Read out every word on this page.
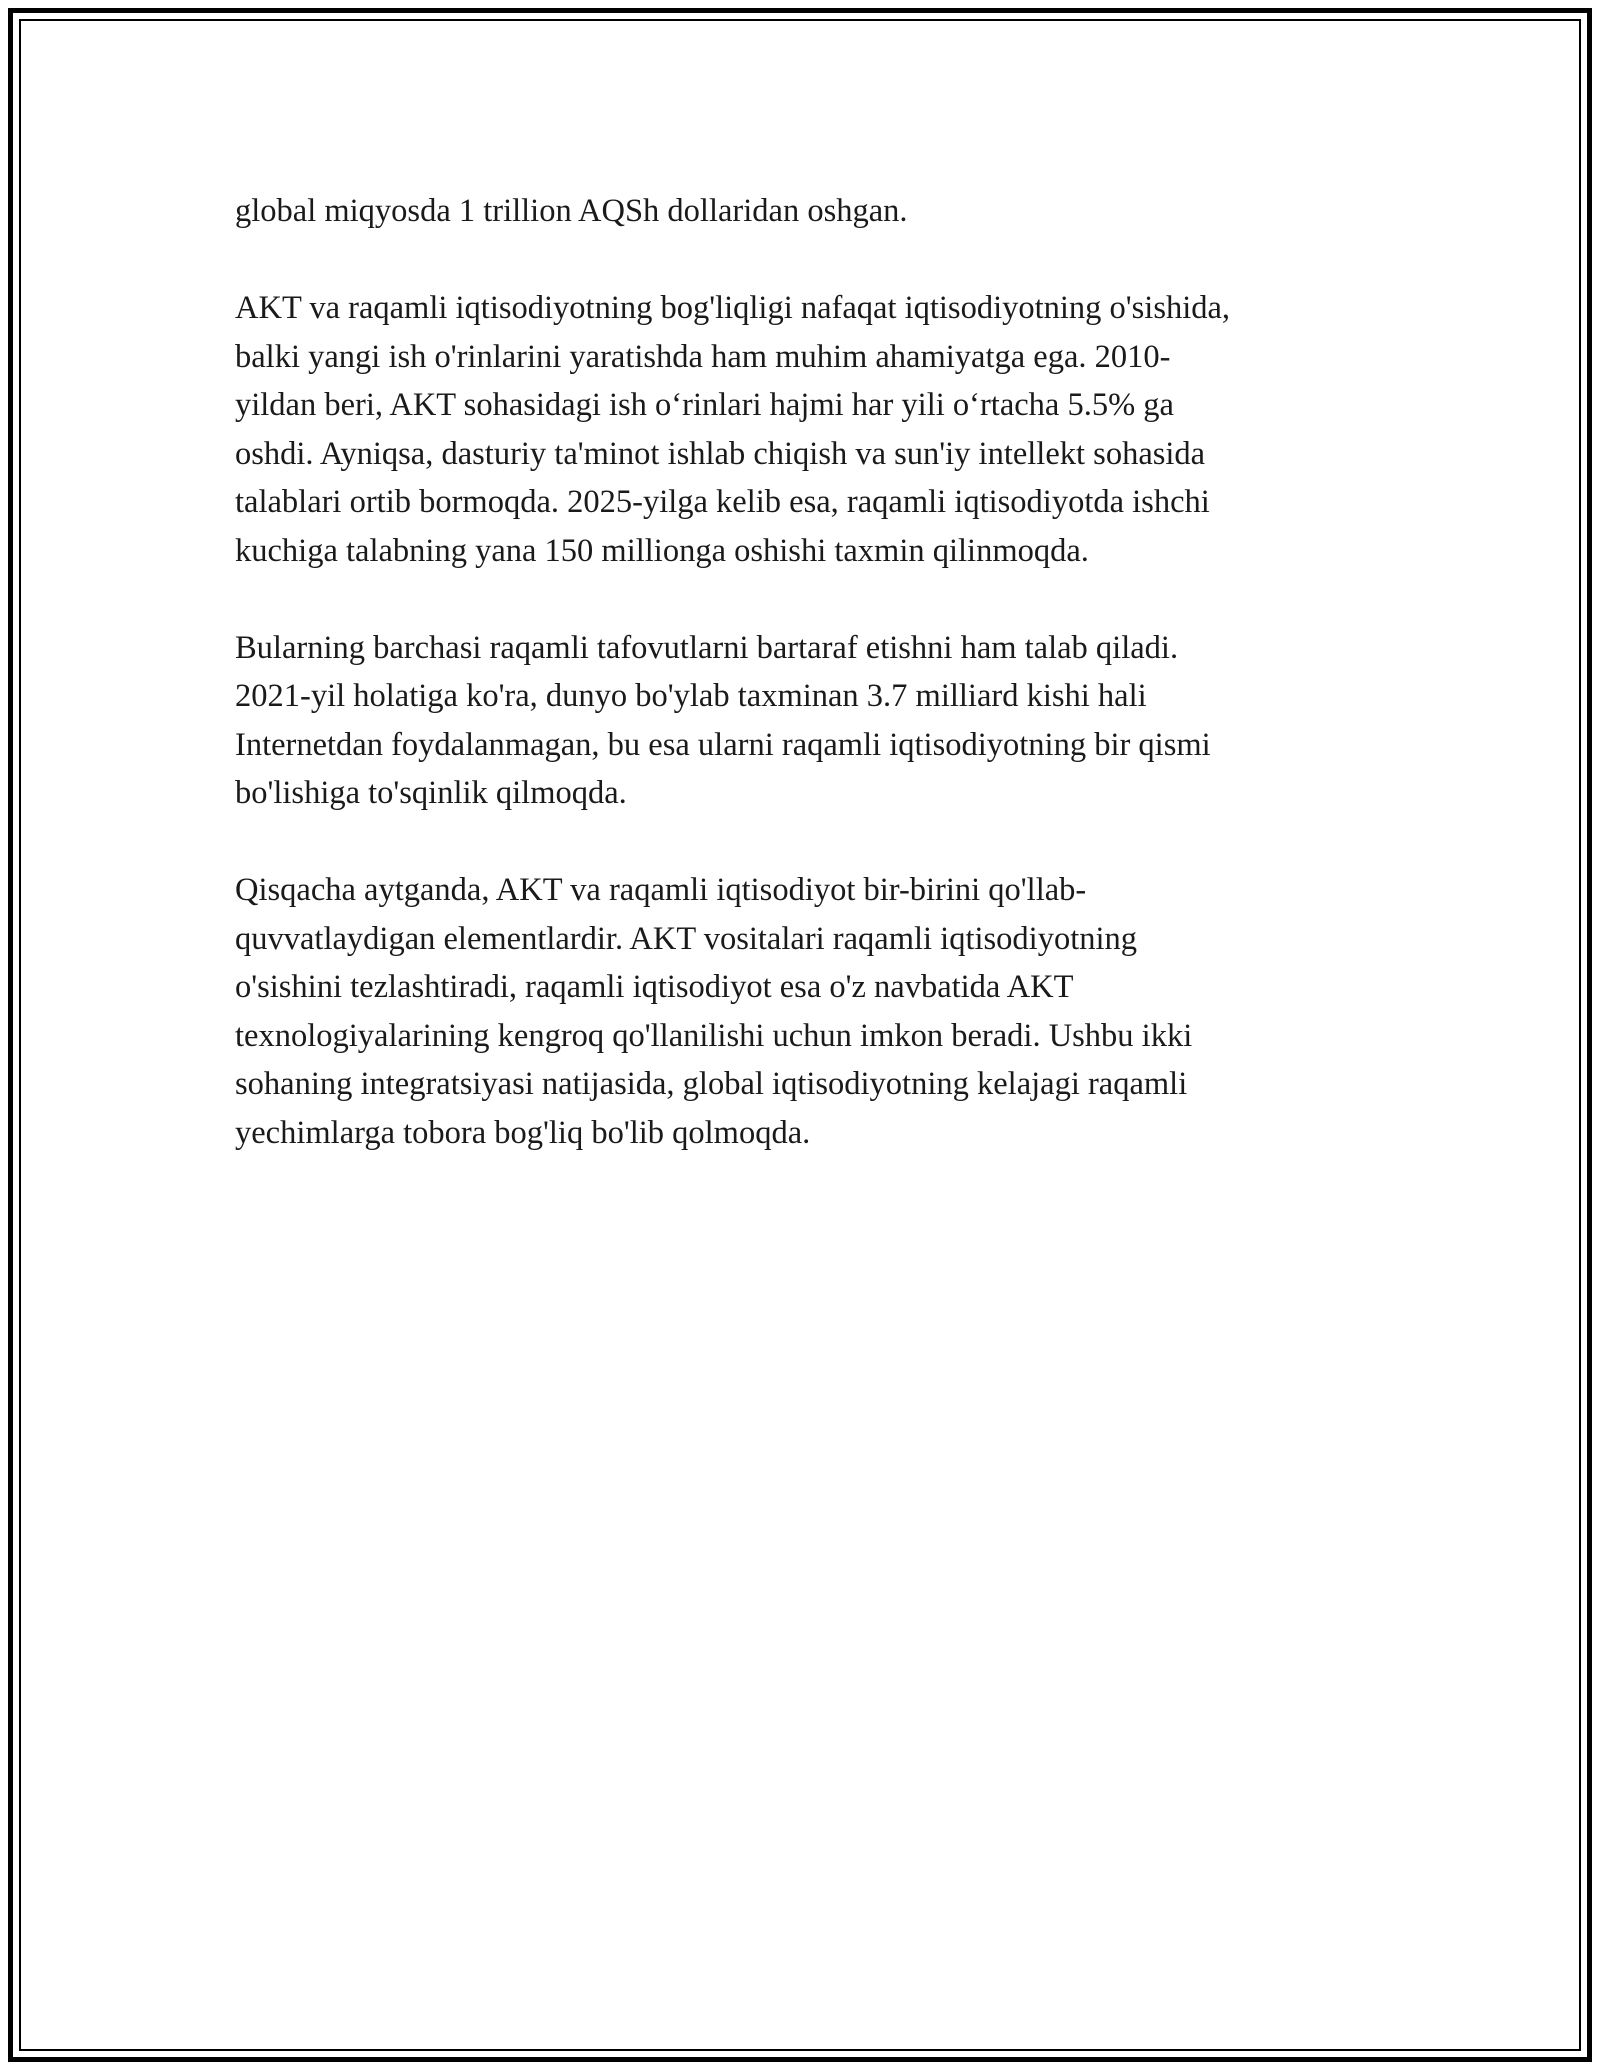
global miqyosda 1 trillion AQSh dollaridan oshgan.

AKT va raqamli iqtisodiyotning bog'liqligi nafaqat iqtisodiyotning o'sishida,
balki yangi ish o'rinlarini yaratishda ham muhim ahamiyatga ega. 2010-
yildan beri, AKT sohasidagi ish o‘rinlari hajmi har yili o‘rtacha 5.5% ga
oshdi. Ayniqsa, dasturiy ta'minot ishlab chiqish va sun'iy intellekt sohasida
talablari ortib bormoqda. 2025-yilga kelib esa, raqamli iqtisodiyotda ishchi
kuchiga talabning yana 150 millionga oshishi taxmin qilinmoqda.

Bularning barchasi raqamli tafovutlarni bartaraf etishni ham talab qiladi.
2021-yil holatiga ko'ra, dunyo bo'ylab taxminan 3.7 milliard kishi hali
Internetdan foydalanmagan, bu esa ularni raqamli iqtisodiyotning bir qismi
bo'lishiga to'sqinlik qilmoqda.

Qisqacha aytganda, AKT va raqamli iqtisodiyot bir-birini qo'llab-
quvvatlaydigan elementlardir. AKT vositalari raqamli iqtisodiyotning
o'sishini tezlashtiradi, raqamli iqtisodiyot esa o'z navbatida AKT
texnologiyalarining kengroq qo'llanilishi uchun imkon beradi. Ushbu ikki
sohaning integratsiyasi natijasida, global iqtisodiyotning kelajagi raqamli
yechimlarga tobora bog'liq bo'lib qolmoqda.
